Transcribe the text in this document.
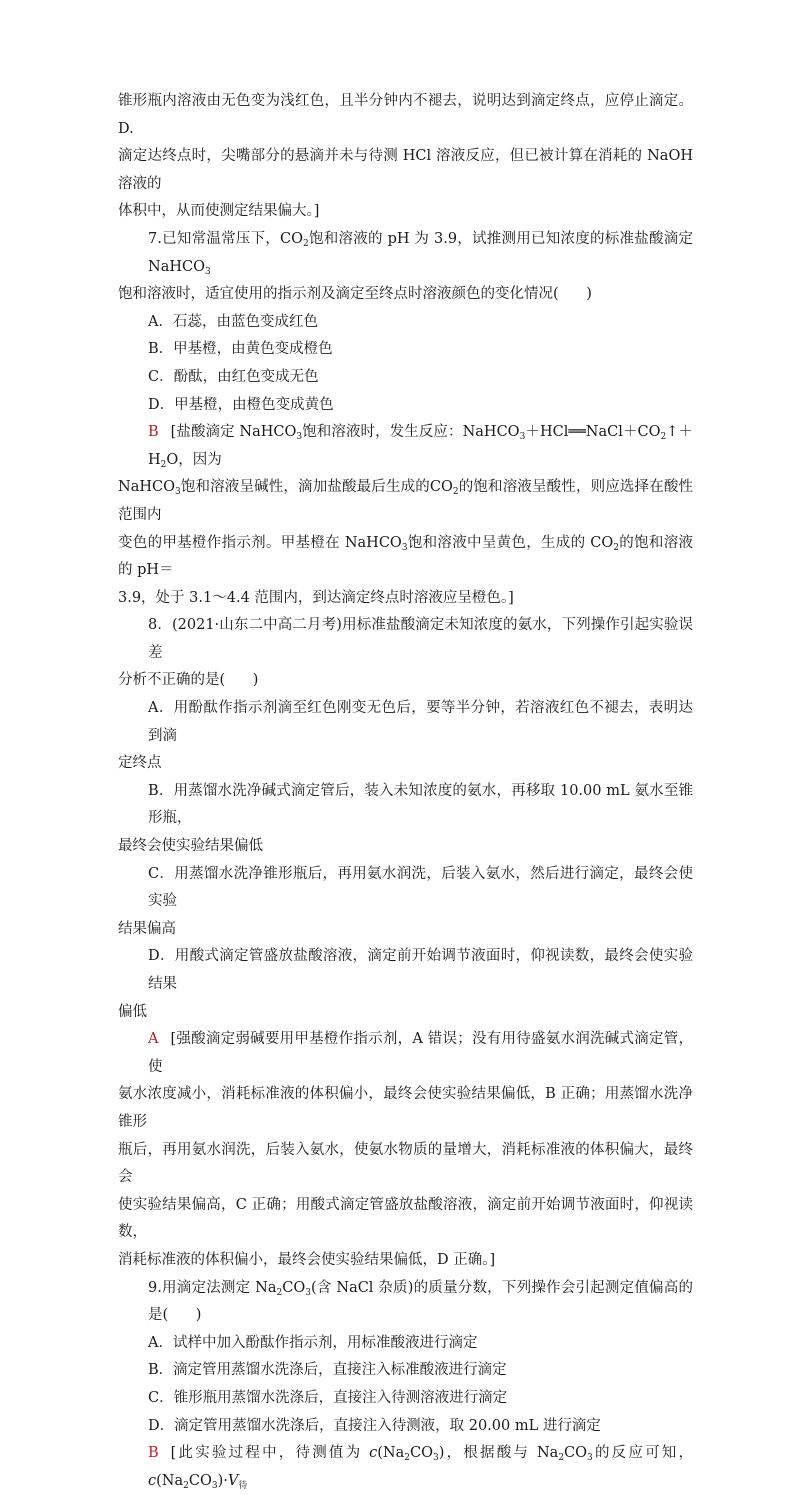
锥形瓶内溶液由无色变为浅红色，且半分钟内不褪去，说明达到滴定终点，应停止滴定。D.

滴定达终点时，尖嘴部分的悬滴并未与待测 HCl 溶液反应，但已被计算在消耗的 NaOH 溶液的

体积中，从而使测定结果偏大。]

7.已知常温常压下，$CO_2$饱和溶液的 pH 为 3.9，试推测用已知浓度的标准盐酸滴定 NaHCO$_3$

饱和溶液时，适宜使用的指示剂及滴定至终点时溶液颜色的变化情况(      )

A．石蕊，由蓝色变成红色

B．甲基橙，由黄色变成橙色

C．酚酞，由红色变成无色

D．甲基橙，由橙色变成黄色

B [盐酸滴定 NaHCO$_3$饱和溶液时，发生反应：$NaHCO_3+HCl══NaCl+CO_2↑+H_2O$，因为

NaHCO$_3$饱和溶液呈碱性，滴加盐酸最后生成的$CO_2$的饱和溶液呈酸性，则应选择在酸性范围内

变色的甲基橙作指示剂。甲基橙在 NaHCO$_3$饱和溶液中呈黄色，生成的 $CO_2$的饱和溶液的 pH＝

3.9，处于 3.1～4.4 范围内，到达滴定终点时溶液应呈橙色。]

8．(2021·山东二中高二月考)用标准盐酸滴定未知浓度的氨水，下列操作引起实验误差

分析不正确的是(      )

A．用酚酞作指示剂滴至红色刚变无色后，要等半分钟，若溶液红色不褪去，表明达到滴

定终点

B．用蒸馏水洗净碱式滴定管后，装入未知浓度的氨水，再移取 10.00 mL 氨水至锥形瓶，

最终会使实验结果偏低

C．用蒸馏水洗净锥形瓶后，再用氨水润洗，后装入氨水，然后进行滴定，最终会使实验

结果偏高

D．用酸式滴定管盛放盐酸溶液，滴定前开始调节液面时，仰视读数，最终会使实验结果

偏低

A [强酸滴定弱碱要用甲基橙作指示剂，A 错误；没有用待盛氨水润洗碱式滴定管，使

氨水浓度减小，消耗标准液的体积偏小，最终会使实验结果偏低，B 正确；用蒸馏水洗净锥形

瓶后，再用氨水润洗，后装入氨水，使氨水物质的量增大，消耗标准液的体积偏大，最终会

使实验结果偏高，C 正确；用酸式滴定管盛放盐酸溶液，滴定前开始调节液面时，仰视读数，

消耗标准液的体积偏小，最终会使实验结果偏低，D 正确。]

9.用滴定法测定 $Na_2CO_3$(含 NaCl 杂质)的质量分数，下列操作会引起测定值偏高的是(      )

A．试样中加入酚酞作指示剂，用标准酸液进行滴定

B．滴定管用蒸馏水洗涤后，直接注入标准酸液进行滴定

C．锥形瓶用蒸馏水洗涤后，直接注入待测溶液进行滴定

D．滴定管用蒸馏水洗涤后，直接注入待测液，取 20.00 mL 进行滴定

B [此实验过程中，待测值为 $c(Na_2CO_3)$，根据酸与 $Na_2CO_3$的反应可知，$c(Na_2CO_3)\cdot V_待$
